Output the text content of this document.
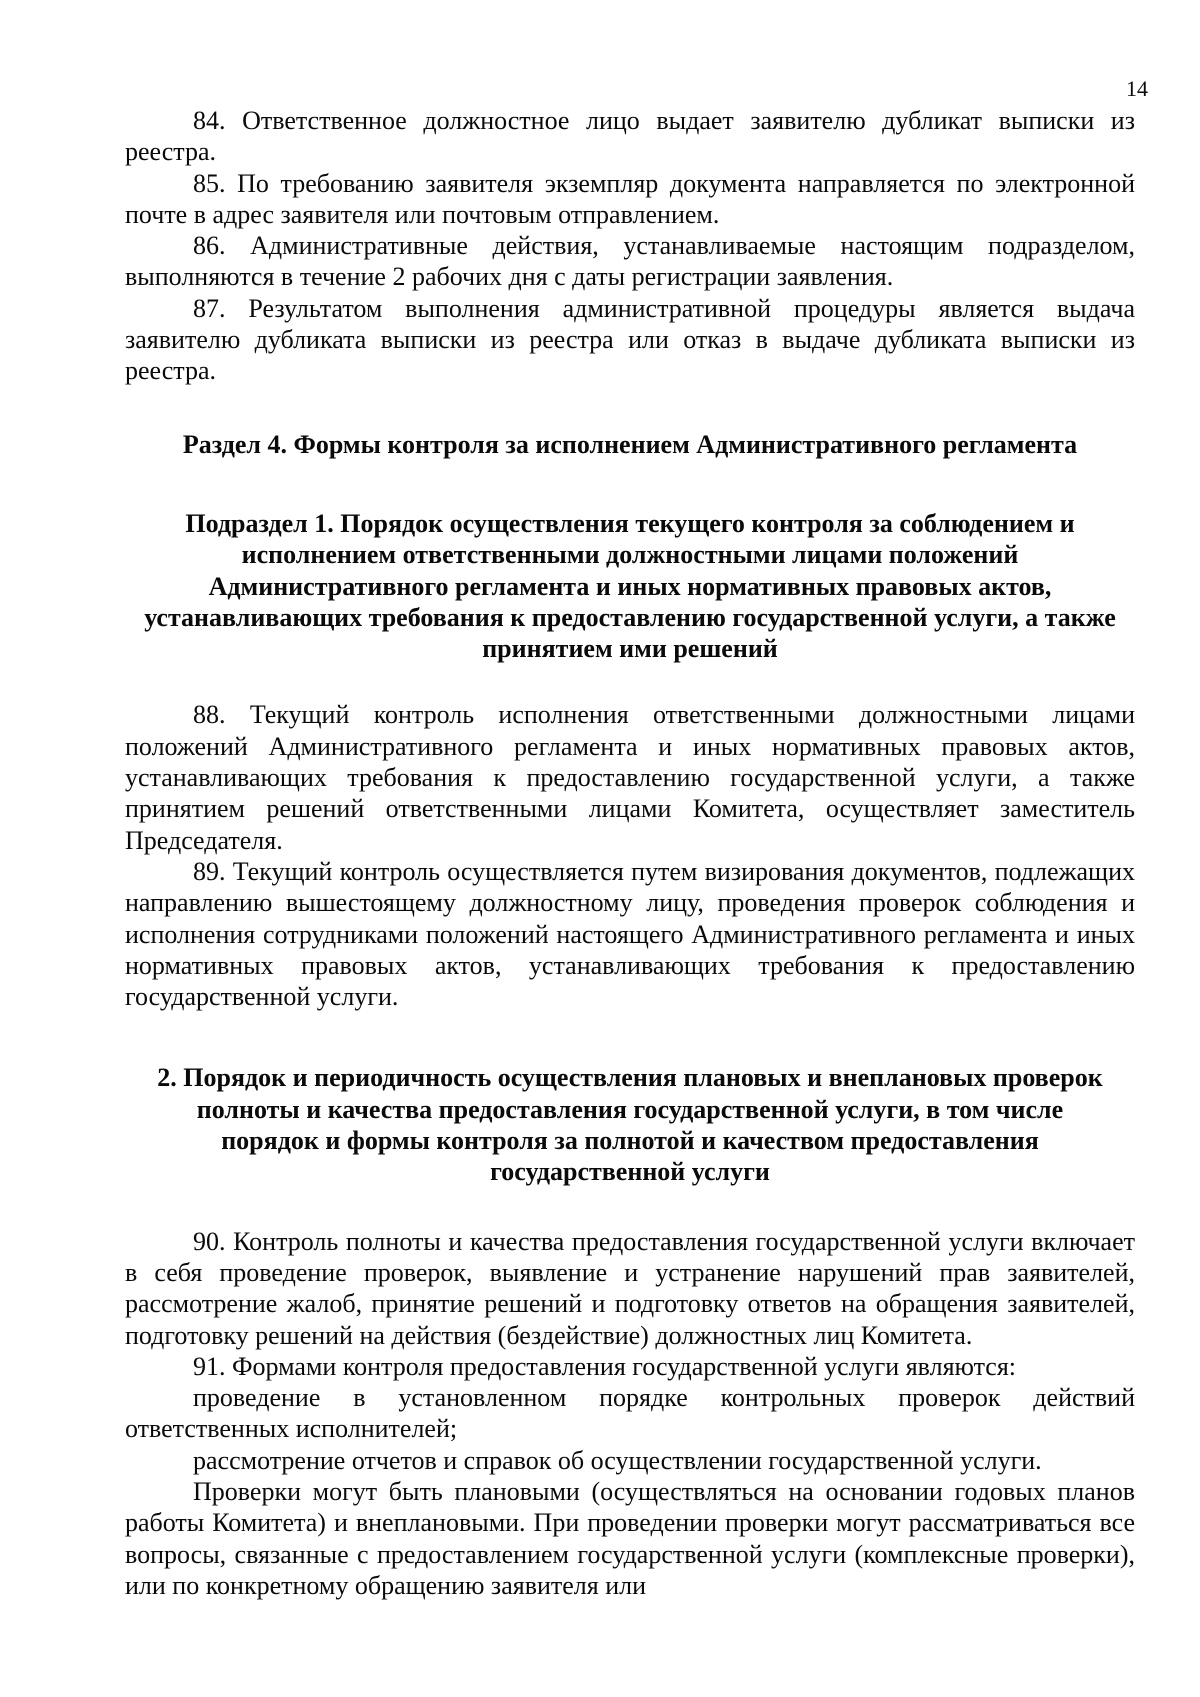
14

84. Ответственное должностное лицо выдает заявителю дубликат выписки из реестра.

85. По требованию заявителя экземпляр документа направляется по электронной почте в адрес заявителя или почтовым отправлением.

86. Административные действия, устанавливаемые настоящим подразделом, выполняются в течение 2 рабочих дня с даты регистрации заявления.

87. Результатом выполнения административной процедуры является выдача заявителю дубликата выписки из реестра или отказ в выдаче дубликата выписки из реестра.

Раздел 4. Формы контроля за исполнением Административного регламента
Подраздел 1. Порядок осуществления текущего контроля за соблюдением и исполнением ответственными должностными лицами положений Административного регламента и иных нормативных правовых актов, устанавливающих требования к предоставлению государственной услуги, а также принятием ими решений

88. Текущий контроль исполнения ответственными должностными лицами положений Административного регламента и иных нормативных правовых актов, устанавливающих требования к предоставлению государственной услуги, а также принятием решений ответственными лицами Комитета, осуществляет заместитель Председателя.

89. Текущий контроль осуществляется путем визирования документов, подлежащих направлению вышестоящему должностному лицу, проведения проверок соблюдения и исполнения сотрудниками положений настоящего Административного регламента и иных нормативных правовых актов, устанавливающих требования к предоставлению государственной услуги.

2. Порядок и периодичность осуществления плановых и внеплановых проверок полноты и качества предоставления государственной услуги, в том числе порядок и формы контроля за полнотой и качеством предоставления государственной услуги

90. Контроль полноты и качества предоставления государственной услуги включает в себя проведение проверок, выявление и устранение нарушений прав заявителей, рассмотрение жалоб, принятие решений и подготовку ответов на обращения заявителей, подготовку решений на действия (бездействие) должностных лиц Комитета.

91. Формами контроля предоставления государственной услуги являются:

проведение в установленном порядке контрольных проверок действий ответственных исполнителей;

рассмотрение отчетов и справок об осуществлении государственной услуги.

Проверки могут быть плановыми (осуществляться на основании годовых планов работы Комитета) и внеплановыми. При проведении проверки могут рассматриваться все вопросы, связанные с предоставлением государственной услуги (комплексные проверки), или по конкретному обращению заявителя или
